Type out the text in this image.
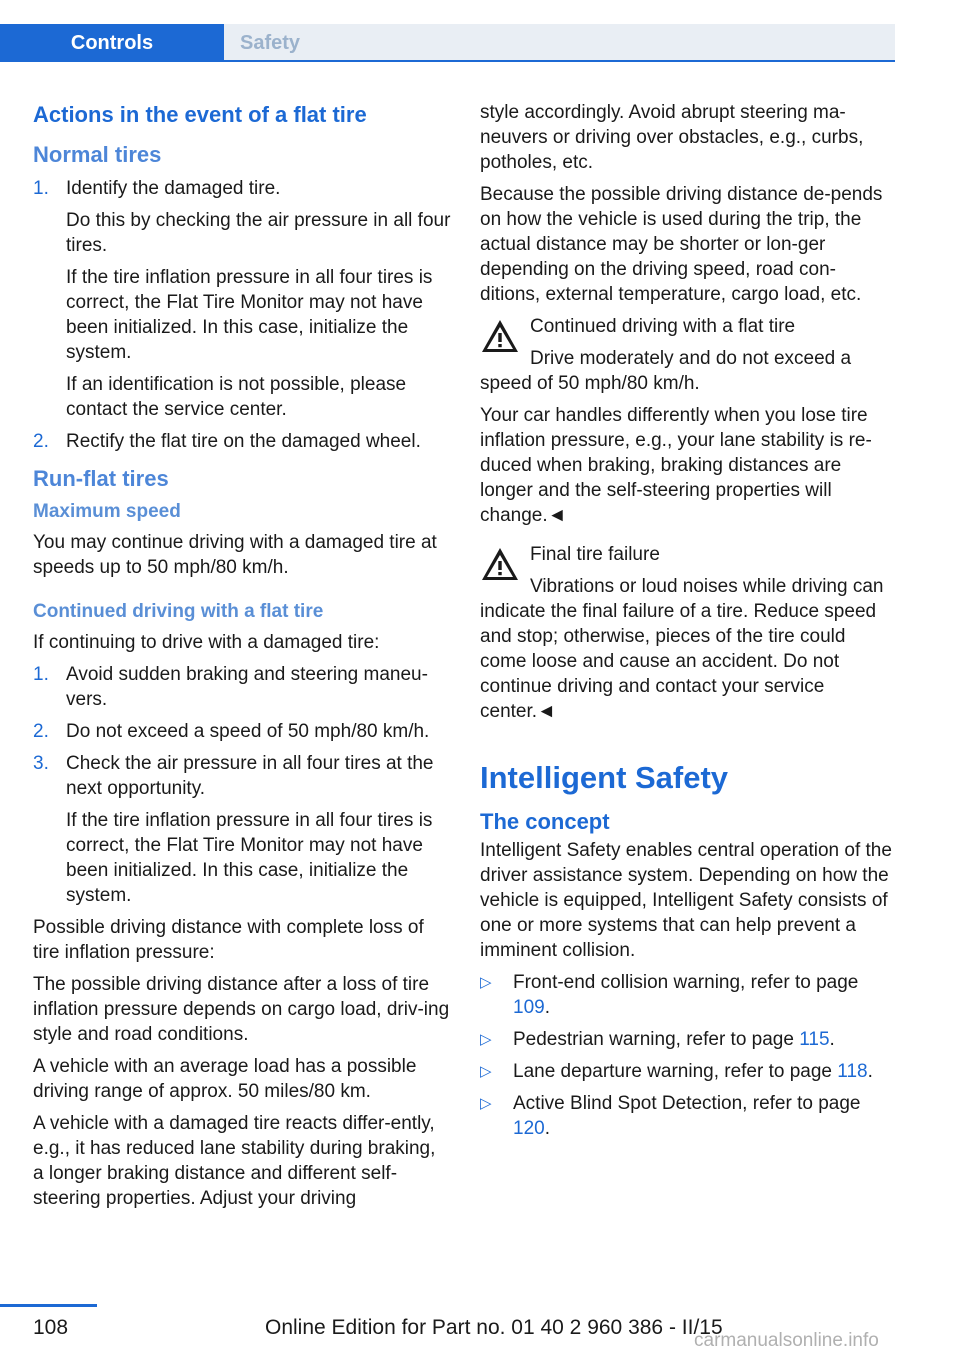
Controls	Safety
Actions in the event of a flat tire
Normal tires
1. Identify the damaged tire.

Do this by checking the air pressure in all four tires.

If the tire inflation pressure in all four tires is correct, the Flat Tire Monitor may not have been initialized. In this case, initialize the system.

If an identification is not possible, please contact the service center.

2. Rectify the flat tire on the damaged wheel.

Run-flat tires
Maximum speed

You may continue driving with a damaged tire at speeds up to 50 mph/80 km/h.

Continued driving with a flat tire

If continuing to drive with a damaged tire:

1. Avoid sudden braking and steering maneu‐vers.

2. Do not exceed a speed of 50 mph/80 km/h.

3. Check the air pressure in all four tires at the next opportunity.

If the tire inflation pressure in all four tires is correct, the Flat Tire Monitor may not have been initialized. In this case, initialize the system.

Possible driving distance with complete loss of tire inflation pressure:

The possible driving distance after a loss of tire inflation pressure depends on cargo load, driv‐ing style and road conditions.

A vehicle with an average load has a possible driving range of approx. 50 miles/80 km.

A vehicle with a damaged tire reacts differ‐ently, e.g., it has reduced lane stability during braking, a longer braking distance and different self-steering properties. Adjust your driving

style accordingly. Avoid abrupt steering ma‐neuvers or driving over obstacles, e.g., curbs, potholes, etc.

Because the possible driving distance de‐pends on how the vehicle is used during the trip, the actual distance may be shorter or lon‐ger depending on the driving speed, road con‐ditions, external temperature, cargo load, etc.

Continued driving with a flat tire

Drive moderately and do not exceed a speed of 50 mph/80 km/h.

Your car handles differently when you lose tire inflation pressure, e.g., your lane stability is re‐duced when braking, braking distances are longer and the self-steering properties will change.◄

Final tire failure

Vibrations or loud noises while driving can indicate the final failure of a tire. Reduce speed and stop; otherwise, pieces of the tire could come loose and cause an accident. Do not continue driving and contact your service center.◄

Intelligent Safety
The concept

Intelligent Safety enables central operation of the driver assistance system. Depending on how the vehicle is equipped, Intelligent Safety consists of one or more systems that can help prevent a imminent collision.

▷	Front-end collision warning, refer to page 109.
▷	Pedestrian warning, refer to page 115.
▷	Lane departure warning, refer to page 118.
▷	Active Blind Spot Detection, refer to page 120.
108	Online Edition for Part no. 01 40 2 960 386 - II/15
carmanualsonline.info
